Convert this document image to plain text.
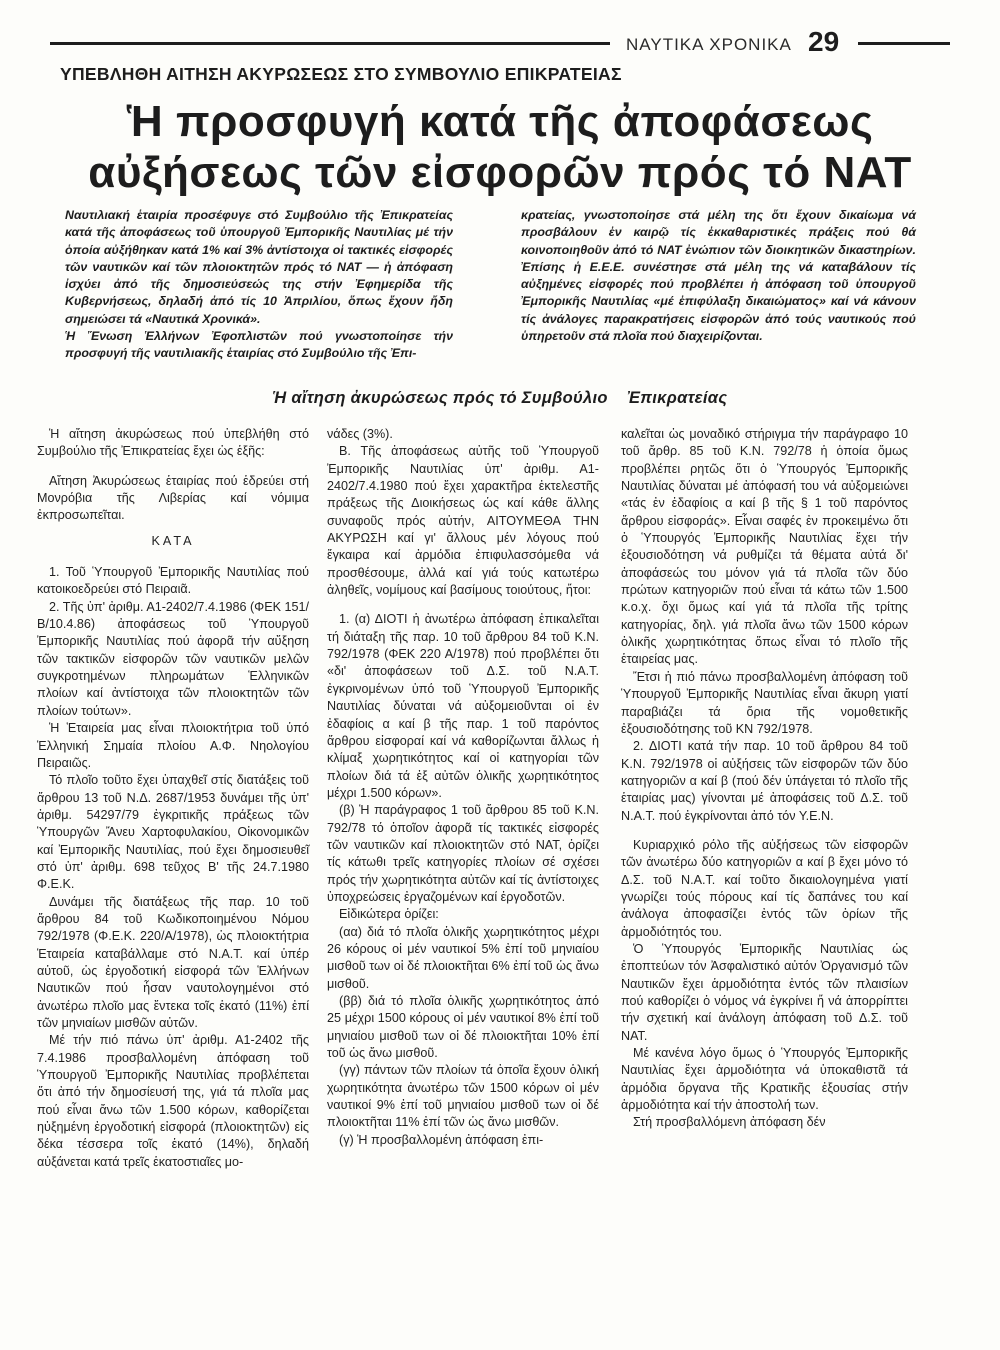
ΝΑΥΤΙΚΑ ΧΡΟΝΙΚΑ 29
ΥΠΕΒΛΗΘΗ ΑΙΤΗΣΗ ΑΚΥΡΩΣΕΩΣ ΣΤΟ ΣΥΜΒΟΥΛΙΟ ΕΠΙΚΡΑΤΕΙΑΣ
Ἡ προσφυγή κατά τῆς ἀποφάσεως
αὐξήσεως τῶν εἰσφορῶν πρός τό ΝΑΤ

Ναυτιλιακή ἑταιρία προσέφυγε στό Συμβούλιο τῆς Ἐπικρατείας κατά τῆς ἀποφάσεως τοῦ ὑπουργοῦ Ἐμπορικῆς Ναυτιλίας μέ τήν ὁποία αὐξήθηκαν κατά 1% καί 3% ἀντίστοιχα οἱ τακτικές εἰσφορές τῶν ναυτικῶν καί τῶν πλοιοκτητῶν πρός τό ΝΑΤ — ἡ ἀπόφαση ἰσχύει ἀπό τῆς δημοσιεύσεώς της στήν Ἐφημερίδα τῆς Κυβερνήσεως, δηλαδή ἀπό τίς 10 Ἀπριλίου, ὅπως ἔχουν ἤδη σημειώσει τά «Ναυτικά Χρονικά».

Ἡ Ἕνωση Ἑλλήνων Ἐφοπλιστῶν πού γνωστοποίησε τήν προσφυγή τῆς ναυτιλιακῆς ἑταιρίας στό Συμβούλιο τῆς Ἐπι-

κρατείας, γνωστοποίησε στά μέλη της ὅτι ἔχουν δικαίωμα νά προσβάλουν ἐν καιρῷ τίς ἐκκαθαριστικές πράξεις πού θά κοινοποιηθοῦν ἀπό τό ΝΑΤ ἐνώπιον τῶν διοικητικῶν δικαστηρίων. Ἐπίσης ἡ Ε.Ε.Ε. συνέστησε στά μέλη της νά καταβάλουν τίς αὐξημένες εἰσφορές πού προβλέπει ἡ ἀπόφαση τοῦ ὑπουργοῦ Ἐμπορικῆς Ναυτιλίας «μέ ἐπιφύλαξη δικαιώματος» καί νά κάνουν τίς ἀνάλογες παρακρατήσεις εἰσφορῶν ἀπό τούς ναυτικούς πού ὑπηρετοῦν στά πλοῖα πού διαχειρίζονται.

Ἡ αἴτηση ἀκυρώσεως πρός τό Συμβούλιο    Ἐπικρατείας

Ἡ αἴτηση ἀκυρώσεως πού ὑπεβλήθη στό Συμβούλιο τῆς Ἐπικρατείας ἔχει ὡς ἑξῆς:

Αἴτηση Ἀκυρώσεως ἑταιρίας πού ἑδρεύει στή Μονρόβια τῆς Λιβερίας καί νόμιμα ἐκπροσωπεῖται.

ΚΑΤΑ

1. Τοῦ Ὑπουργοῦ Ἐμπορικῆς Ναυτιλίας πού κατοικοεδρεύει στό Πειραιᾶ.

2. Τῆς ὑπ' ἀριθμ. Α1-2402/7.4.1986 (ΦΕΚ 151/Β/10.4.86) ἀποφάσεως τοῦ Ὑπουργοῦ Ἐμπορικῆς Ναυτιλίας πού ἀφορᾶ τήν αὔξηση τῶν τακτικῶν εἰσφορῶν τῶν ναυτικῶν μελῶν συγκροτημένων πληρωμάτων Ἑλληνικῶν πλοίων καί ἀντίστοιχα τῶν πλοιοκτητῶν τῶν πλοίων τούτων».

Ἡ Ἑταιρεία μας εἶναι πλοιοκτήτρια τοῦ ὑπό Ἑλληνική Σημαία πλοίου Α.Φ. Νηολογίου Πειραιῶς.

Τό πλοῖο τοῦτο ἔχει ὑπαχθεῖ στίς διατάξεις τοῦ ἄρθρου 13 τοῦ Ν.Δ. 2687/1953 δυνάμει τῆς ὑπ' ἀριθμ. 54297/79 ἐγκριτικῆς πράξεως τῶν Ὑπουργῶν Ἄνευ Χαρτοφυλακίου, Οἰκονομικῶν καί Ἐμπορικῆς Ναυτιλίας, πού ἔχει δημοσιευθεῖ στό ὑπ' ἀριθμ. 698 τεῦχος Β' τῆς 24.7.1980 Φ.Ε.Κ.

Δυνάμει τῆς διατάξεως τῆς παρ. 10 τοῦ ἄρθρου 84 τοῦ Κωδικοποιημένου Νόμου 792/1978 (Φ.Ε.Κ. 220/Α/1978), ὡς πλοιοκτήτρια Ἑταιρεία καταβάλλαμε στό Ν.Α.Τ. καί ὑπέρ αὐτοῦ, ὡς ἐργοδοτική εἰσφορά τῶν Ἑλλήνων Ναυτικῶν πού ἦσαν ναυτολογημένοι στό ἀνωτέρω πλοῖο μας ἔντεκα τοῖς ἑκατό (11%) ἐπί τῶν μηνιαίων μισθῶν αὐτῶν.

Μέ τήν πιό πάνω ὑπ' ἀριθμ. Α1-2402 τῆς 7.4.1986 προσβαλλομένη ἀπόφαση τοῦ Ὑπουργοῦ Ἐμπορικῆς Ναυτιλίας προβλέπεται ὅτι ἀπό τήν δημοσίευσή της, γιά τά πλοῖα μας πού εἶναι ἄνω τῶν 1.500 κόρων, καθορίζεται ηὐξημένη ἐργοδοτική εἰσφορά (πλοιοκτητῶν) εἰς δέκα τέσσερα τοῖς ἑκατό (14%), δηλαδή αὐξάνεται κατά τρεῖς ἑκατοστιαῖες μο-

νάδες (3%).

Β. Τῆς ἀποφάσεως αὐτῆς τοῦ Ὑπουργοῦ Ἐμπορικῆς Ναυτιλίας ὑπ' ἀριθμ. Α1-2402/7.4.1980 πού ἔχει χαρακτῆρα ἐκτελεστῆς πράξεως τῆς Διοικήσεως ὡς καί κάθε ἄλλης συναφοῦς πρός αὐτήν, ΑΙΤΟΥΜΕΘΑ ΤΗΝ ΑΚΥΡΩΣΗ καί γι' ἄλλους μέν λόγους πού ἔγκαιρα καί ἁρμόδια ἐπιφυλασσόμεθα νά προσθέσουμε, ἀλλά καί γιά τούς κατωτέρω ἀληθεῖς, νομίμους καί βασίμους τοιούτους, ἤτοι:

1. (α) ΔΙΟΤΙ ἡ ἀνωτέρω ἀπόφαση ἐπικαλεῖται τή διάταξη τῆς παρ. 10 τοῦ ἄρθρου 84 τοῦ Κ.Ν. 792/1978 (ΦΕΚ 220 Α/1978) πού προβλέπει ὅτι «δι' ἀποφάσεων τοῦ Δ.Σ. τοῦ Ν.Α.Τ. ἐγκρινομένων ὑπό τοῦ Ὑπουργοῦ Ἐμπορικῆς Ναυτιλίας δύναται νά αὐξομειοῦνται οἱ ἐν ἐδαφίοις α καί β τῆς παρ. 1 τοῦ παρόντος ἄρθρου εἰσφοραί καί νά καθορίζωνται ἄλλως ἡ κλίμαξ χωρητικότητος καί οἱ κατηγορίαι τῶν πλοίων διά τά ἐξ αὐτῶν ὁλικῆς χωρητικότητος μέχρι 1.500 κόρων».

(β) Ἡ παράγραφος 1 τοῦ ἄρθρου 85 τοῦ Κ.Ν. 792/78 τό ὁποῖον ἀφορᾶ τίς τακτικές εἰσφορές τῶν ναυτικῶν καί πλοιοκτητῶν στό ΝΑΤ, ὁρίζει τίς κάτωθι τρεῖς κατηγορίες πλοίων σέ σχέσει πρός τήν χωρητικότητα αὐτῶν καί τίς ἀντίστοιχες ὑποχρεώσεις ἐργαζομένων καί ἐργοδοτῶν.

Εἰδικώτερα ὁρίζει:

(αα) διά τό πλοῖα ὁλικῆς χωρητικότητος μέχρι 26 κόρους οἱ μέν ναυτικοί 5% ἐπί τοῦ μηνιαίου μισθοῦ των οἱ δέ πλοιοκτῆται 6% ἐπί τοῦ ὡς ἄνω μισθοῦ.

(ββ) διά τό πλοῖα ὁλικῆς χωρητικότητος ἀπό 25 μέχρι 1500 κόρους οἱ μέν ναυτικοί 8% ἐπί τοῦ μηνιαίου μισθοῦ των οἱ δέ πλοιοκτῆται 10% ἐπί τοῦ ὡς ἄνω μισθοῦ.

(γγ) πάντων τῶν πλοίων τά ὁποῖα ἔχουν ὁλική χωρητικότητα ἀνωτέρω τῶν 1500 κόρων οἱ μέν ναυτικοί 9% ἐπί τοῦ μηνιαίου μισθοῦ των οἱ δέ πλοιοκτῆται 11% ἐπί τῶν ὡς ἄνω μισθῶν.

(γ) Ἡ προσβαλλομένη ἀπόφαση ἐπι-

καλεῖται ὡς μοναδικό στήριγμα τήν παράγραφο 10 τοῦ ἄρθρ. 85 τοῦ Κ.Ν. 792/78 ἡ ὁποία ὅμως προβλέπει ρητῶς ὅτι ὁ Ὑπουργός Ἐμπορικῆς Ναυτιλίας δύναται μέ ἀπόφασή του νά αὐξομειώνει «τάς ἐν ἐδαφίοις α καί β τῆς § 1 τοῦ παρόντος ἄρθρου εἰσφοράς». Εἶναι σαφές ἐν προκειμένω ὅτι ὁ Ὑπουργός Ἐμπορικῆς Ναυτιλίας ἔχει τήν ἐξουσιοδότηση νά ρυθμίζει τά θέματα αὐτά δι' ἀποφάσεώς του μόνον γιά τά πλοῖα τῶν δύο πρώτων κατηγοριῶν πού εἶναι τά κάτω τῶν 1.500 κ.ο.χ. ὄχι ὅμως καί γιά τά πλοῖα τῆς τρίτης κατηγορίας, δηλ. γιά πλοῖα ἄνω τῶν 1500 κόρων ὁλικῆς χωρητικότητας ὅπως εἶναι τό πλοῖο τῆς ἑταιρείας μας.

Ἔτσι ἡ πιό πάνω προσβαλλομένη ἀπόφαση τοῦ Ὑπουργοῦ Ἐμπορικῆς Ναυτιλίας εἶναι ἄκυρη γιατί παραβιάζει τά ὅρια τῆς νομοθετικῆς ἐξουσιοδότησης τοῦ ΚΝ 792/1978.

2. ΔΙΟΤΙ κατά τήν παρ. 10 τοῦ ἄρθρου 84 τοῦ Κ.Ν. 792/1978 οἱ αὐξήσεις τῶν εἰσφορῶν τῶν δύο κατηγοριῶν α καί β (πού δέν ὑπάγεται τό πλοῖο τῆς ἑταιρίας μας) γίνονται μέ ἀποφάσεις τοῦ Δ.Σ. τοῦ Ν.Α.Τ. πού ἐγκρίνονται ἀπό τόν Υ.Ε.Ν.

Κυριαρχικό ρόλο τῆς αὐξήσεως τῶν εἰσφορῶν τῶν ἀνωτέρω δύο κατηγοριῶν α καί β ἔχει μόνο τό Δ.Σ. τοῦ Ν.Α.Τ. καί τοῦτο δικαιολογημένα γιατί γνωρίζει τούς πόρους καί τίς δαπάνες του καί ἀνάλογα ἀποφασίζει ἐντός τῶν ὁρίων τῆς ἁρμοδιότητός του.

Ὁ Ὑπουργός Ἐμπορικῆς Ναυτιλίας ὡς ἐποπτεύων τόν Ἀσφαλιστικό αὐτόν Ὀργανισμό τῶν Ναυτικῶν ἔχει ἁρμοδιότητα ἐντός τῶν πλαισίων πού καθορίζει ὁ νόμος νά ἐγκρίνει ἤ νά ἀπορρίπτει τήν σχετική καί ἀνάλογη ἀπόφαση τοῦ Δ.Σ. τοῦ ΝΑΤ.

Μέ κανένα λόγο ὅμως ὁ Ὑπουργός Ἐμπορικῆς Ναυτιλίας ἔχει ἁρμοδιότητα νά ὑποκαθιστᾶ τά ἁρμόδια ὄργανα τῆς Κρατικῆς ἐξουσίας στήν ἁρμοδιότητα καί τήν ἀποστολή των.

Στή προσβαλλόμενη ἀπόφαση δέν
